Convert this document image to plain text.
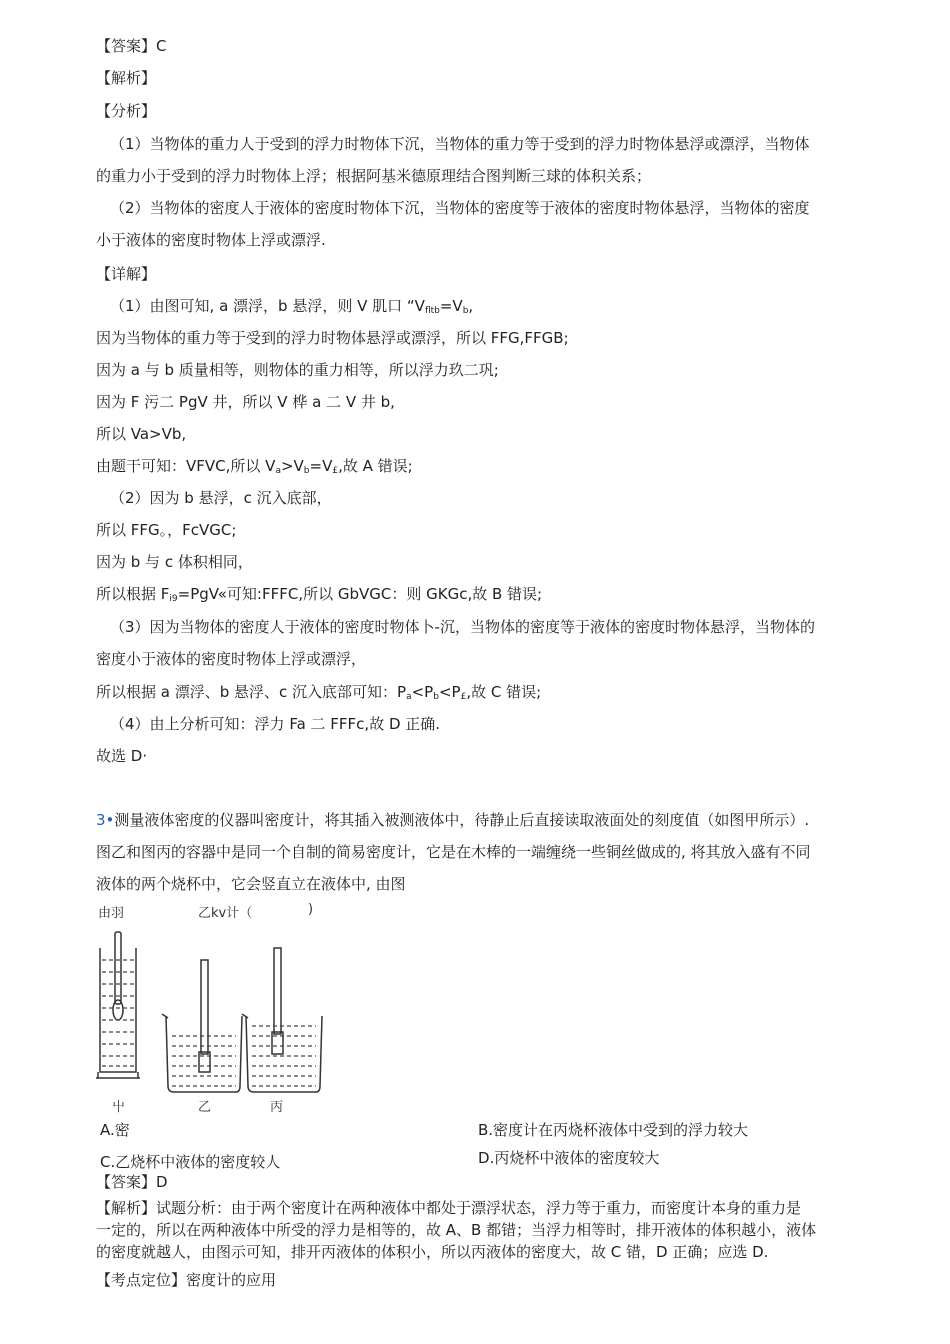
【答案】C
【解析】
【分析】
（1）当物体的重力人于受到的浮力时物体下沉，当物体的重力等于受到的浮力时物体悬浮或漂浮，当物体
的重力小于受到的浮力时物体上浮；根据阿基米德原理结合图判断三球的体积关系；
（2）当物体的密度人于液体的密度时物体下沉，当物体的密度等于液体的密度时物体悬浮，当物体的密度
小于液体的密度时物体上浮或漂浮.
【详解】
（1）由图可知, a 漂浮，b 悬浮，则 V 肌口 “$V_{fltb}=V_b$,
因为当物体的重力等于受到的浮力时物体悬浮或漂浮，所以 FFG,FFGB;
因为 a 与 b 质量相等，则物体的重力相等，所以浮力玖二巩;
因为 F 污二 PgV 井，所以 V 桦 a 二 V 井 b,
所以 Va>Vb,
由题干可知：VFVC,所以 $V_a>V_b=V_£$,故 A 错误;
（2）因为 b 悬浮，c 沉入底部，
所以 FFG。，FcVGC;
因为 b 与 c 体积相同，
所以根据 $F_{i9}=PgV«$可知:FFFC,所以 GbVGC：则 GKGc,故 B 错误;
（3）因为当物体的密度人于液体的密度时物体卜-沉，当物体的密度等于液体的密度时物体悬浮，当物体的
密度小于液体的密度时物体上浮或漂浮，
所以根据 a 漂浮、b 悬浮、c 沉入底部可知：$P_a<P_b<P_£$,故 C 错误;
（4）由上分析可知：浮力 Fa 二 FFFc,故 D 正确.
故选 D·
3•测量液体密度的仪器叫密度计，将其插入被测液体中，待静止后直接读取液面处的刻度值（如图甲所示）.
图乙和图丙的容器中是同一个自制的简易密度计，它是在木棒的一端缠绕一些铜丝做成的, 将其放入盛有不同
液体的两个烧杯中，它会竖直立在液体中, 由图
由羽	乙kv计（	)
屮	乙	丙
A.密	B.密度计在丙烧杯液体中受到的浮力较大
C.乙烧杯中液体的密度较人	D.丙烧杯中液体的密度较大
【答案】D
【解析】试题分析：由于两个密度计在两种液体中都处于漂浮状态，浮力等于重力，而密度计本身的重力是
一定的，所以在两种液体中所受的浮力是相等的，故 A、B 都错；当浮力相等时，排开液体的体积越小，液体
的密度就越人，由图示可知，排开丙液体的体积小，所以丙液体的密度大，故 C 错，D 正确；应选 D.
【考点定位】密度计的应用
